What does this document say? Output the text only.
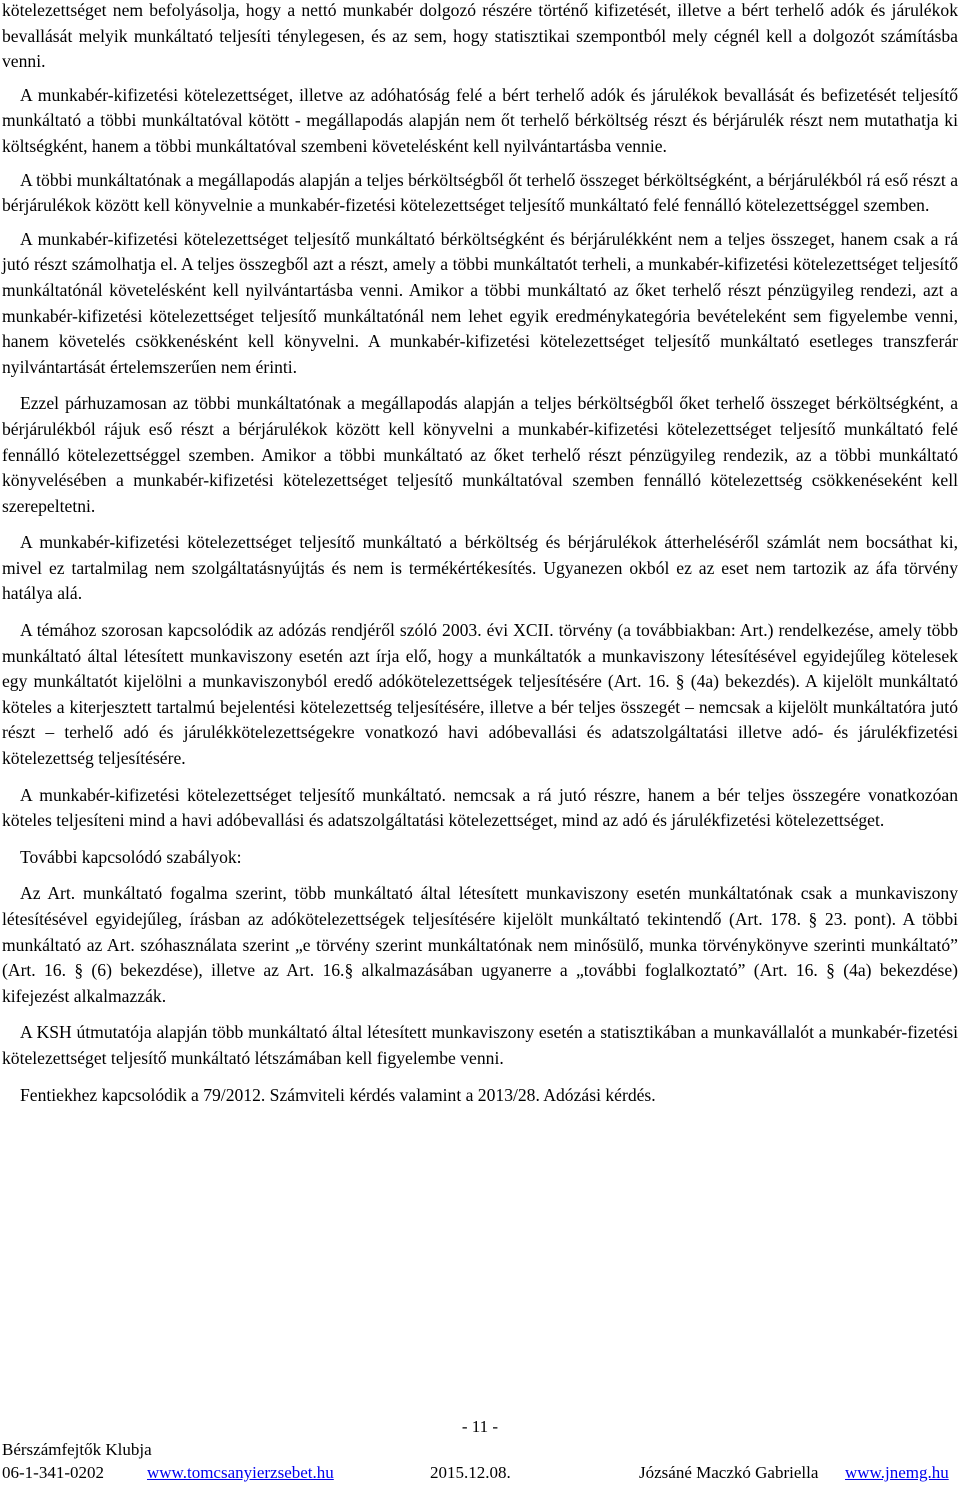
kötelezettséget nem befolyásolja, hogy a nettó munkabér dolgozó részére történő kifizetését, illetve a bért terhelő adók és járulékok bevallását melyik munkáltató teljesíti ténylegesen, és az sem, hogy statisztikai szempontból mely cégnél kell a dolgozót számításba venni.

A munkabér-kifizetési kötelezettséget, illetve az adóhatóság felé a bért terhelő adók és járulékok bevallását és befizetését teljesítő munkáltató a többi munkáltatóval kötött - megállapodás alapján nem őt terhelő bérköltség részt és bérjárulék részt nem mutathatja ki költségként, hanem a többi munkáltatóval szembeni követelésként kell nyilvántartásba vennie.

A többi munkáltatónak a megállapodás alapján a teljes bérköltségből őt terhelő összeget bérköltségként, a bérjárulékból rá eső részt a bérjárulékok között kell könyvelnie a munkabér-fizetési kötelezettséget teljesítő munkáltató felé fennálló kötelezettséggel szemben.

A munkabér-kifizetési kötelezettséget teljesítő munkáltató bérköltségként és bérjárulékként nem a teljes összeget, hanem csak a rá jutó részt számolhatja el. A teljes összegből azt a részt, amely a többi munkáltatót terheli, a munkabér-kifizetési kötelezettséget teljesítő munkáltatónál követelésként kell nyilvántartásba venni. Amikor a többi munkáltató az őket terhelő részt pénzügyileg rendezi, azt a munkabér-kifizetési kötelezettséget teljesítő munkáltatónál nem lehet egyik eredménykategória bevételeként sem figyelembe venni, hanem követelés csökkenésként kell könyvelni. A munkabér-kifizetési kötelezettséget teljesítő munkáltató esetleges transzferár nyilvántartását értelemszerűen nem érinti.

Ezzel párhuzamosan az többi munkáltatónak a megállapodás alapján a teljes bérköltségből őket terhelő összeget bérköltségként, a bérjárulékból rájuk eső részt a bérjárulékok között kell könyvelni a munkabér-kifizetési kötelezettséget teljesítő munkáltató felé fennálló kötelezettséggel szemben. Amikor a többi munkáltató az őket terhelő részt pénzügyileg rendezik, az a többi munkáltató könyvelésében a munkabér-kifizetési kötelezettséget teljesítő munkáltatóval szemben fennálló kötelezettség csökkenéseként kell szerepeltetni.

A munkabér-kifizetési kötelezettséget teljesítő munkáltató a bérköltség és bérjárulékok átterheléséről számlát nem bocsáthat ki, mivel ez tartalmilag nem szolgáltatásnyújtás és nem is termékértékesítés. Ugyanezen okból ez az eset nem tartozik az áfa törvény hatálya alá.

A témához szorosan kapcsolódik az adózás rendjéről szóló 2003. évi XCII. törvény (a továbbiakban: Art.) rendelkezése, amely több munkáltató által létesített munkaviszony esetén azt írja elő, hogy a munkáltatók a munkaviszony létesítésével egyidejűleg kötelesek egy munkáltatót kijelölni a munkaviszonyból eredő adókötelezettségek teljesítésére (Art. 16. § (4a) bekezdés). A kijelölt munkáltató köteles a kiterjesztett tartalmú bejelentési kötelezettség teljesítésére, illetve a bér teljes összegét – nemcsak a kijelölt munkáltatóra jutó részt – terhelő adó és járulékkötelezettségekre vonatkozó havi adóbevallási és adatszolgáltatási illetve adó- és járulékfizetési kötelezettség teljesítésére.

A munkabér-kifizetési kötelezettséget teljesítő munkáltató. nemcsak a rá jutó részre, hanem a bér teljes összegére vonatkozóan köteles teljesíteni mind a havi adóbevallási és adatszolgáltatási kötelezettséget, mind az adó és járulékfizetési kötelezettséget.

További kapcsolódó szabályok:

Az Art. munkáltató fogalma szerint, több munkáltató által létesített munkaviszony esetén munkáltatónak csak a munkaviszony létesítésével egyidejűleg, írásban az adókötelezettségek teljesítésére kijelölt munkáltató tekintendő (Art. 178. § 23. pont). A többi munkáltató az Art. szóhasználata szerint „e törvény szerint munkáltatónak nem minősülő, munka törvénykönyve szerinti munkáltató” (Art. 16. § (6) bekezdése), illetve az Art. 16.§ alkalmazásában ugyanerre a „további foglalkoztató” (Art. 16. § (4a) bekezdése) kifejezést alkalmazzák.

A KSH útmutatója alapján több munkáltató által létesített munkaviszony esetén a statisztikában a munkavállalót a munkabér-fizetési kötelezettséget teljesítő munkáltató létszámában kell figyelembe venni.

Fentiekhez kapcsolódik a 79/2012. Számviteli kérdés valamint a 2013/28. Adózási kérdés.

- 11 -
Bérszámfejtők Klubja
06-1-341-0202	www.tomcsanyierzsebet.hu	2015.12.08.	Józsáné Maczkó Gabriella www.jnemg.hu
